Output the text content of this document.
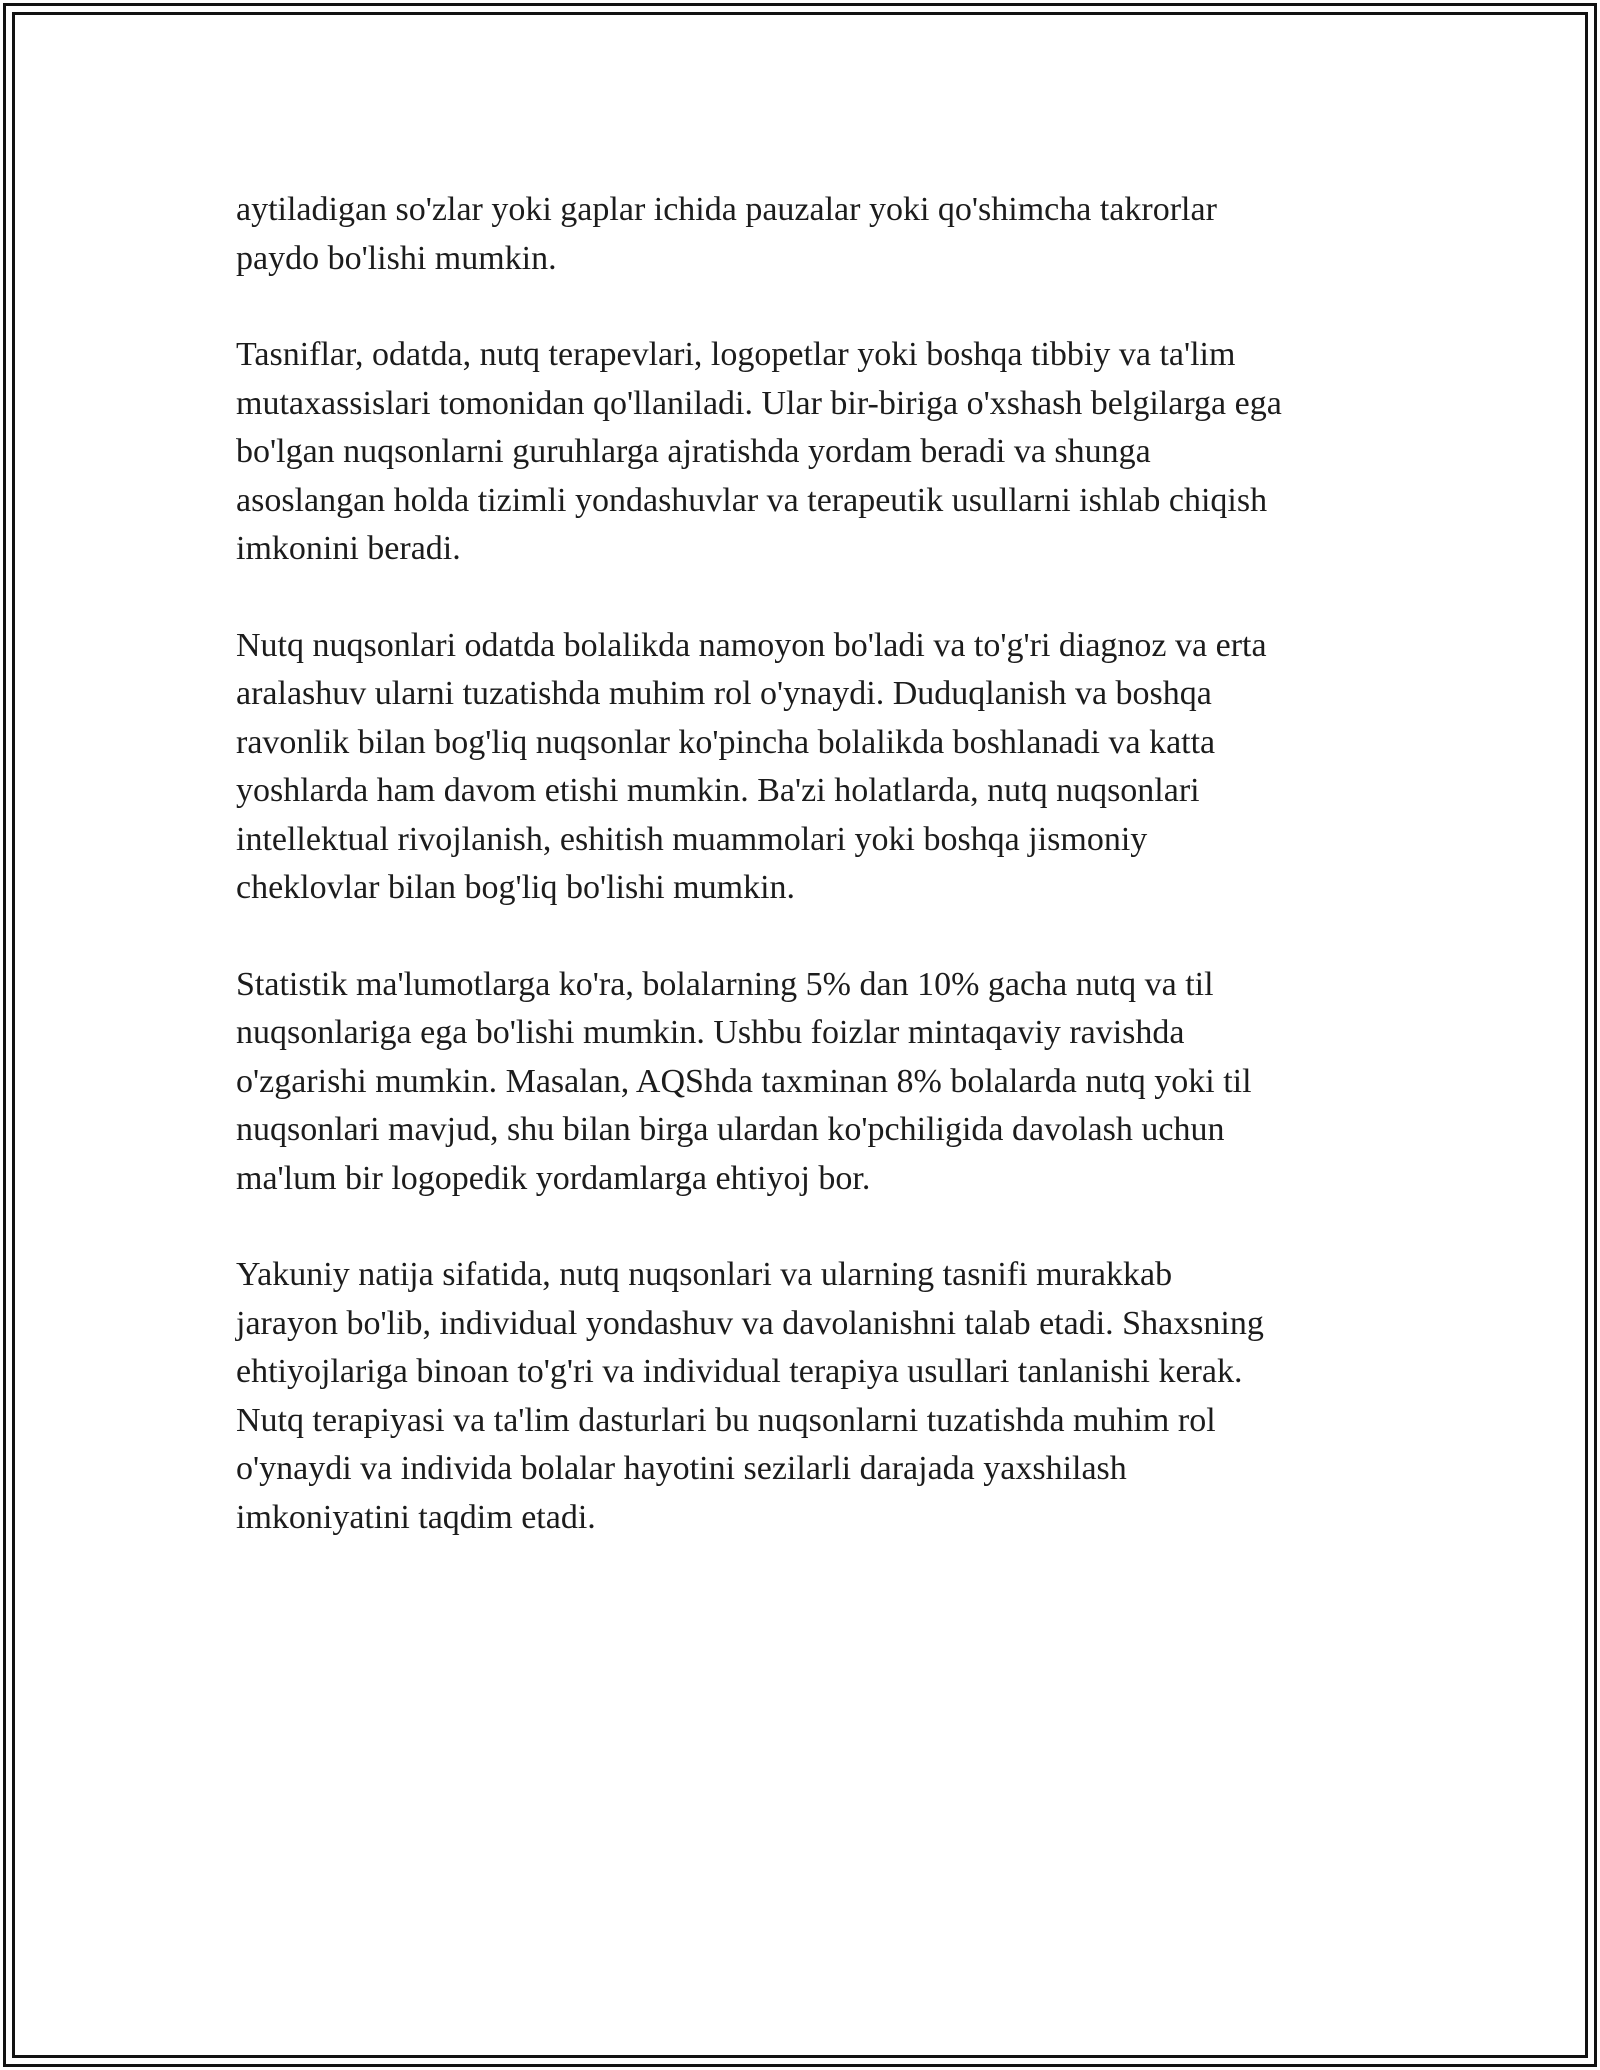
aytiladigan so'zlar yoki gaplar ichida pauzalar yoki qo'shimcha takrorlar
paydo bo'lishi mumkin.

Tasniflar, odatda, nutq terapevlari, logopetlar yoki boshqa tibbiy va ta'lim
mutaxassislari tomonidan qo'llaniladi. Ular bir-biriga o'xshash belgilarga ega
bo'lgan nuqsonlarni guruhlarga ajratishda yordam beradi va shunga
asoslangan holda tizimli yondashuvlar va terapeutik usullarni ishlab chiqish
imkonini beradi.

Nutq nuqsonlari odatda bolalikda namoyon bo'ladi va to'g'ri diagnoz va erta
aralashuv ularni tuzatishda muhim rol o'ynaydi. Duduqlanish va boshqa
ravonlik bilan bog'liq nuqsonlar ko'pincha bolalikda boshlanadi va katta
yoshlarda ham davom etishi mumkin. Ba'zi holatlarda, nutq nuqsonlari
intellektual rivojlanish, eshitish muammolari yoki boshqa jismoniy
cheklovlar bilan bog'liq bo'lishi mumkin.

Statistik ma'lumotlarga ko'ra, bolalarning 5% dan 10% gacha nutq va til
nuqsonlariga ega bo'lishi mumkin. Ushbu foizlar mintaqaviy ravishda
o'zgarishi mumkin. Masalan, AQShda taxminan 8% bolalarda nutq yoki til
nuqsonlari mavjud, shu bilan birga ulardan ko'pchiligida davolash uchun
ma'lum bir logopedik yordamlarga ehtiyoj bor.

Yakuniy natija sifatida, nutq nuqsonlari va ularning tasnifi murakkab
jarayon bo'lib, individual yondashuv va davolanishni talab etadi. Shaxsning
ehtiyojlariga binoan to'g'ri va individual terapiya usullari tanlanishi kerak.
Nutq terapiyasi va ta'lim dasturlari bu nuqsonlarni tuzatishda muhim rol
o'ynaydi va individa bolalar hayotini sezilarli darajada yaxshilash
imkoniyatini taqdim etadi.
